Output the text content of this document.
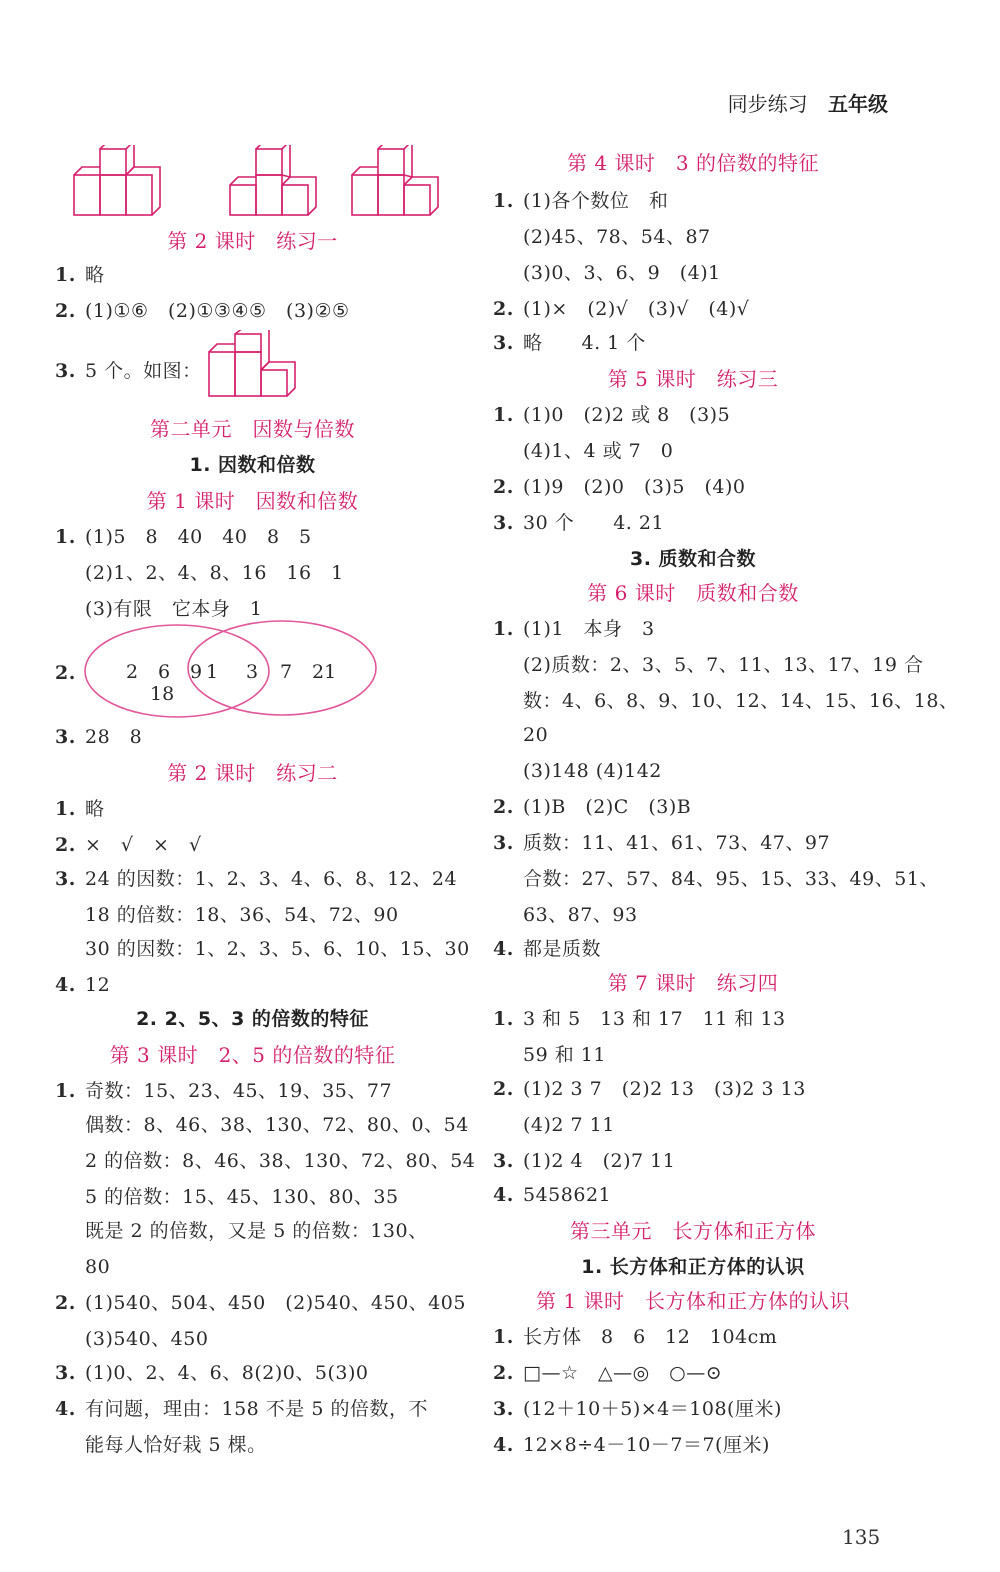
同步练习 五年级
2 6 9
18
1 3 7 21
第 2 课时　练习一
1. 略
2. (1)①⑥　(2)①③④⑤　(3)②⑤
3. 5 个。如图：
第二单元　因数与倍数
1. 因数和倍数
第 1 课时　因数和倍数
1. (1)5　8　40　40　8　5
(2)1、2、4、8、16　16　1
(3)有限　它本身　1
2.
3. 28　8
第 2 课时　练习二
1. 略
2. ×　√　×　√
3. 24 的因数：1、2、3、4、6、8、12、24
18 的倍数：18、36、54、72、90
30 的因数：1、2、3、5、6、10、15、30
4. 12
2. 2、5、3 的倍数的特征
第 3 课时　2、5 的倍数的特征
1. 奇数：15、23、45、19、35、77
偶数：8、46、38、130、72、80、0、54
2 的倍数：8、46、38、130、72、80、54
5 的倍数：15、45、130、80、35
既是 2 的倍数，又是 5 的倍数：130、
80
2. (1)540、504、450　(2)540、450、405
(3)540、450
3. (1)0、2、4、6、8(2)0、5(3)0
4. 有问题，理由：158 不是 5 的倍数，不
能每人恰好栽 5 棵。
第 4 课时　3 的倍数的特征
1. (1)各个数位　和
(2)45、78、54、87
(3)0、3、6、9　(4)1
2. (1)×　(2)√　(3)√　(4)√
3. 略　　4. 1 个
第 5 课时　练习三
1. (1)0　(2)2 或 8　(3)5
(4)1、4 或 7　0
2. (1)9　(2)0　(3)5　(4)0
3. 30 个　　4. 21
3. 质数和合数
第 6 课时　质数和合数
1. (1)1　本身　3
(2)质数：2、3、5、7、11、13、17、19 合
数：4、6、8、9、10、12、14、15、16、18、
20
(3)148 (4)142
2. (1)B　(2)C　(3)B
3. 质数：11、41、61、73、47、97
合数：27、57、84、95、15、33、49、51、
63、87、93
4. 都是质数
第 7 课时　练习四
1. 3 和 5　13 和 17　11 和 13
59 和 11
2. (1)2 3 7　(2)2 13　(3)2 3 13
(4)2 7 11
3. (1)2 4　(2)7 11
4. 5458621
第三单元　长方体和正方体
1. 长方体和正方体的认识
第 1 课时　长方体和正方体的认识
1. 长方体　8　6　12　104cm
2. □—☆　△—◎　○—⊙
3. (12＋10＋5)×4＝108(厘米)
4. 12×8÷4－10－7＝7(厘米)
135
